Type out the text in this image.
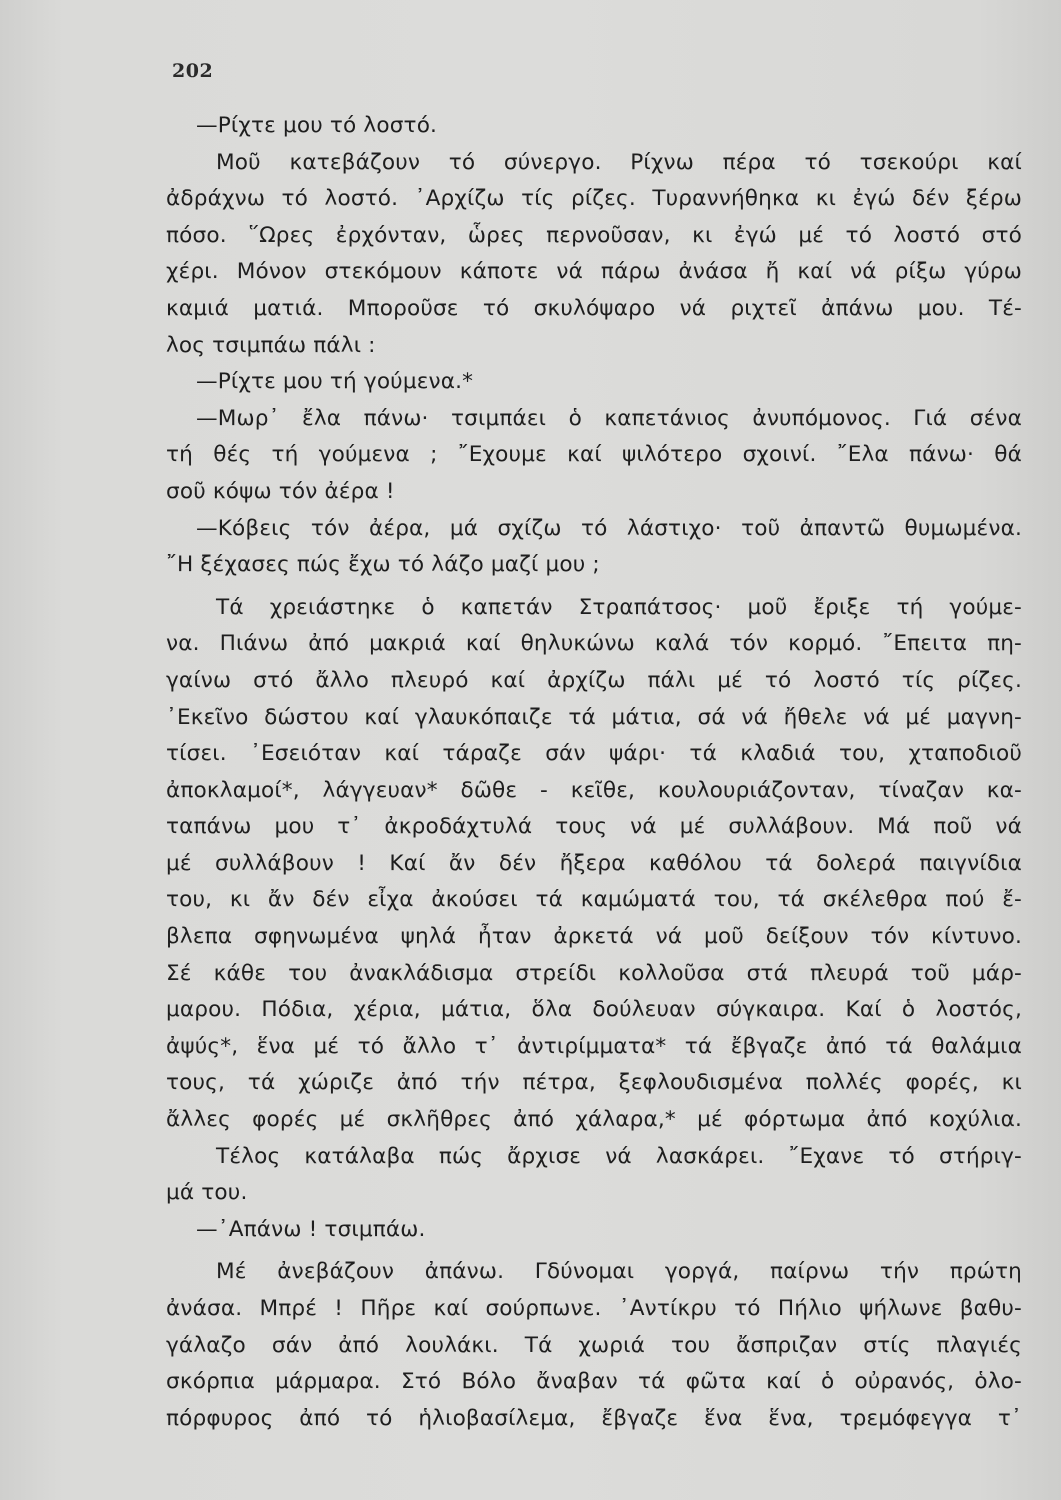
202
—Ρίχτε μου τό λοστό.
Μοῦ κατεβάζουν τό σύνεργο. Ρίχνω πέρα τό τσεκούρι καί
ἀδράχνω τό λοστό. ᾿Αρχίζω τίς ρίζες. Τυραννήθηκα κι ἐγώ δέν ξέρω
πόσο. ῞Ωρες ἐρχόνταν, ὧρες περνοῦσαν, κι ἐγώ μέ τό λοστό στό
χέρι. Μόνον στεκόμουν κάποτε νά πάρω ἀνάσα ἤ καί νά ρίξω γύρω
καμιά ματιά. Μποροῦσε τό σκυλόψαρο νά ριχτεῖ ἀπάνω μου. Τέ-
λος τσιμπάω πάλι :
—Ρίχτε μου τή γούμενα.*
—Μωρ᾿ ἔλα πάνω· τσιμπάει ὁ καπετάνιος ἀνυπόμονος. Γιά σένα
τή θές τή γούμενα ; ῎Εχουμε καί ψιλότερο σχοινί. ῎Ελα πάνω· θά
σοῦ κόψω τόν ἀέρα !
—Κόβεις τόν ἀέρα, μά σχίζω τό λάστιχο· τοῦ ἀπαντῶ θυμωμένα.
῎Η ξέχασες πώς ἔχω τό λάζο μαζί μου ;
Τά χρειάστηκε ὁ καπετάν Στραπάτσος· μοῦ ἔριξε τή γούμε-
να. Πιάνω ἀπό μακριά καί θηλυκώνω καλά τόν κορμό. ῎Επειτα πη-
γαίνω στό ἄλλο πλευρό καί ἀρχίζω πάλι μέ τό λοστό τίς ρίζες.
᾿Εκεῖνο δώστου καί γλαυκόπαιζε τά μάτια, σά νά ἤθελε νά μέ μαγνη-
τίσει. ᾿Εσειόταν καί τάραζε σάν ψάρι· τά κλαδιά του, χταποδιοῦ
ἀποκλαμοί*, λάγγευαν* δῶθε - κεῖθε, κουλουριάζονταν, τίναζαν κα-
ταπάνω μου τ᾿ ἀκροδάχτυλά τους νά μέ συλλάβουν. Μά ποῦ νά
μέ συλλάβουν ! Καί ἄν δέν ἤξερα καθόλου τά δολερά παιγνίδια
του, κι ἄν δέν εἶχα ἀκούσει τά καμώματά του, τά σκέλεθρα πού ἔ-
βλεπα σφηνωμένα ψηλά ἦταν ἀρκετά νά μοῦ δείξουν τόν κίντυνο.
Σέ κάθε του ἀνακλάδισμα στρείδι κολλοῦσα στά πλευρά τοῦ μάρ-
μαρου. Πόδια, χέρια, μάτια, ὅλα δούλευαν σύγκαιρα. Καί ὁ λοστός,
ἀψύς*, ἕνα μέ τό ἄλλο τ᾿ ἀντιρίμματα* τά ἔβγαζε ἀπό τά θαλάμια
τους, τά χώριζε ἀπό τήν πέτρα, ξεφλουδισμένα πολλές φορές, κι
ἄλλες φορές μέ σκλῆθρες ἀπό χάλαρα,* μέ φόρτωμα ἀπό κοχύλια.
Τέλος κατάλαβα πώς ἄρχισε νά λασκάρει. ῎Εχανε τό στήριγ-
μά του.
—᾿Απάνω ! τσιμπάω.
Μέ ἀνεβάζουν ἀπάνω. Γδύνομαι γοργά, παίρνω τήν πρώτη
ἀνάσα. Μπρέ ! Πῆρε καί σούρπωνε. ᾿Αντίκρυ τό Πήλιο ψήλωνε βαθυ-
γάλαζο σάν ἀπό λουλάκι. Τά χωριά του ἄσπριζαν στίς πλαγιές
σκόρπια μάρμαρα. Στό Βόλο ἄναβαν τά φῶτα καί ὁ οὐρανός, ὁλο-
πόρφυρος ἀπό τό ἡλιοβασίλεμα, ἔβγαζε ἕνα ἕνα, τρεμόφεγγα τ᾿
